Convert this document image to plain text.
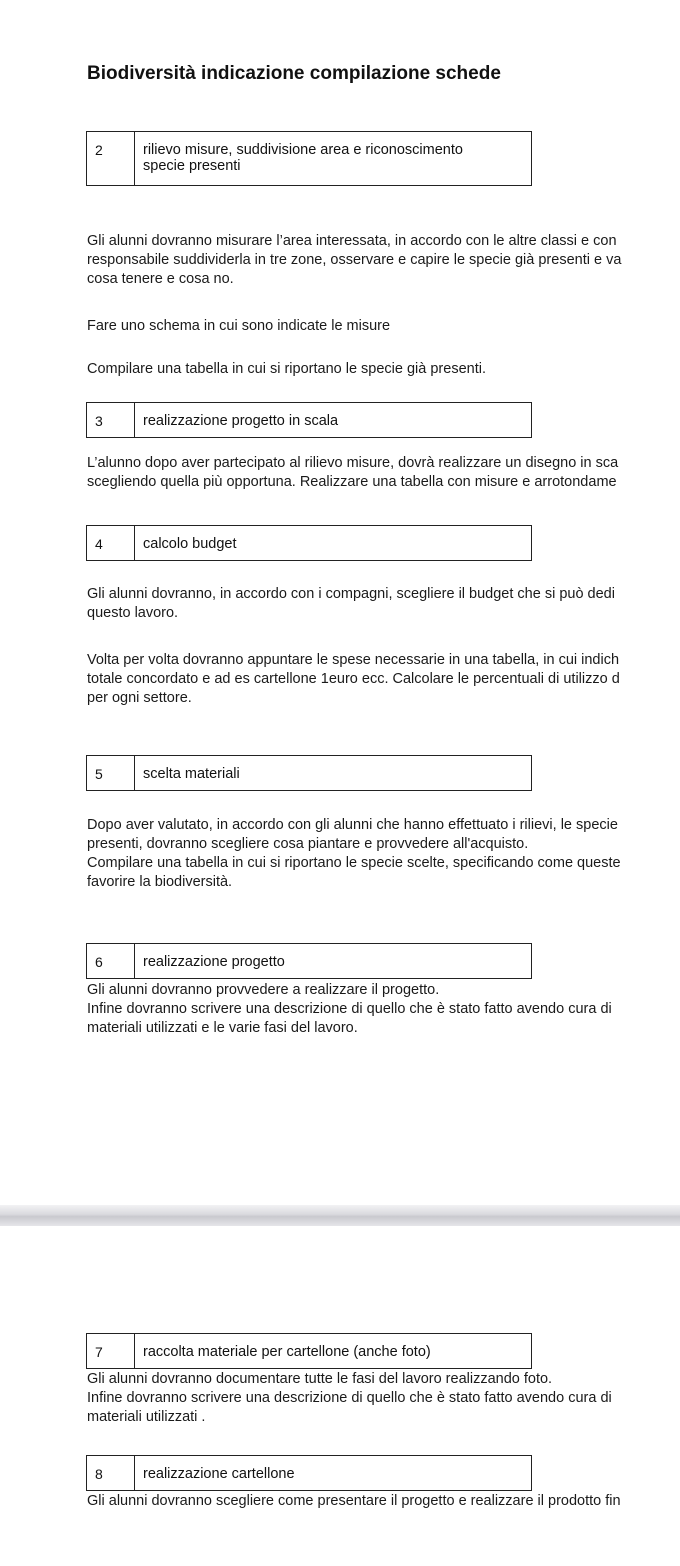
Biodiversità indicazione compilazione schede
2	rilievo misure, suddivisione area e riconoscimento
specie presenti

Gli alunni dovranno misurare l’area interessata, in accordo con le altre classi e con
responsabile suddividerla in tre zone, osservare e capire le specie già presenti e va
cosa tenere e cosa no.

Fare uno schema in cui sono indicate le misure

Compilare una tabella in cui si riportano le specie già presenti.

3	realizzazione progetto in scala

L’alunno dopo aver partecipato al rilievo misure, dovrà realizzare un disegno in sca
scegliendo quella più opportuna. Realizzare una tabella con misure e arrotondame

4	calcolo budget

Gli alunni dovranno, in accordo con i compagni, scegliere il budget che si può dedi
questo lavoro.

Volta per volta dovranno appuntare le spese necessarie in una tabella, in cui indich
totale concordato e ad es cartellone 1euro ecc. Calcolare le percentuali di utilizzo d
per ogni settore.

5	scelta materiali

Dopo aver valutato, in accordo con gli alunni che hanno effettuato i rilievi, le specie
presenti, dovranno scegliere cosa piantare e provvedere all'acquisto.
Compilare una tabella in cui si riportano le specie scelte, specificando come queste
favorire la biodiversità.

6	realizzazione progetto

Gli alunni dovranno provvedere a realizzare il progetto.
Infine dovranno scrivere una descrizione di quello che è stato fatto avendo cura di
materiali utilizzati e le varie fasi del lavoro.

7	raccolta materiale per cartellone (anche foto)

Gli alunni dovranno documentare tutte le fasi del lavoro realizzando foto.
Infine dovranno scrivere una descrizione di quello che è stato fatto avendo cura di
materiali utilizzati .

8	realizzazione cartellone

Gli alunni dovranno scegliere come presentare il progetto e realizzare il prodotto fin
